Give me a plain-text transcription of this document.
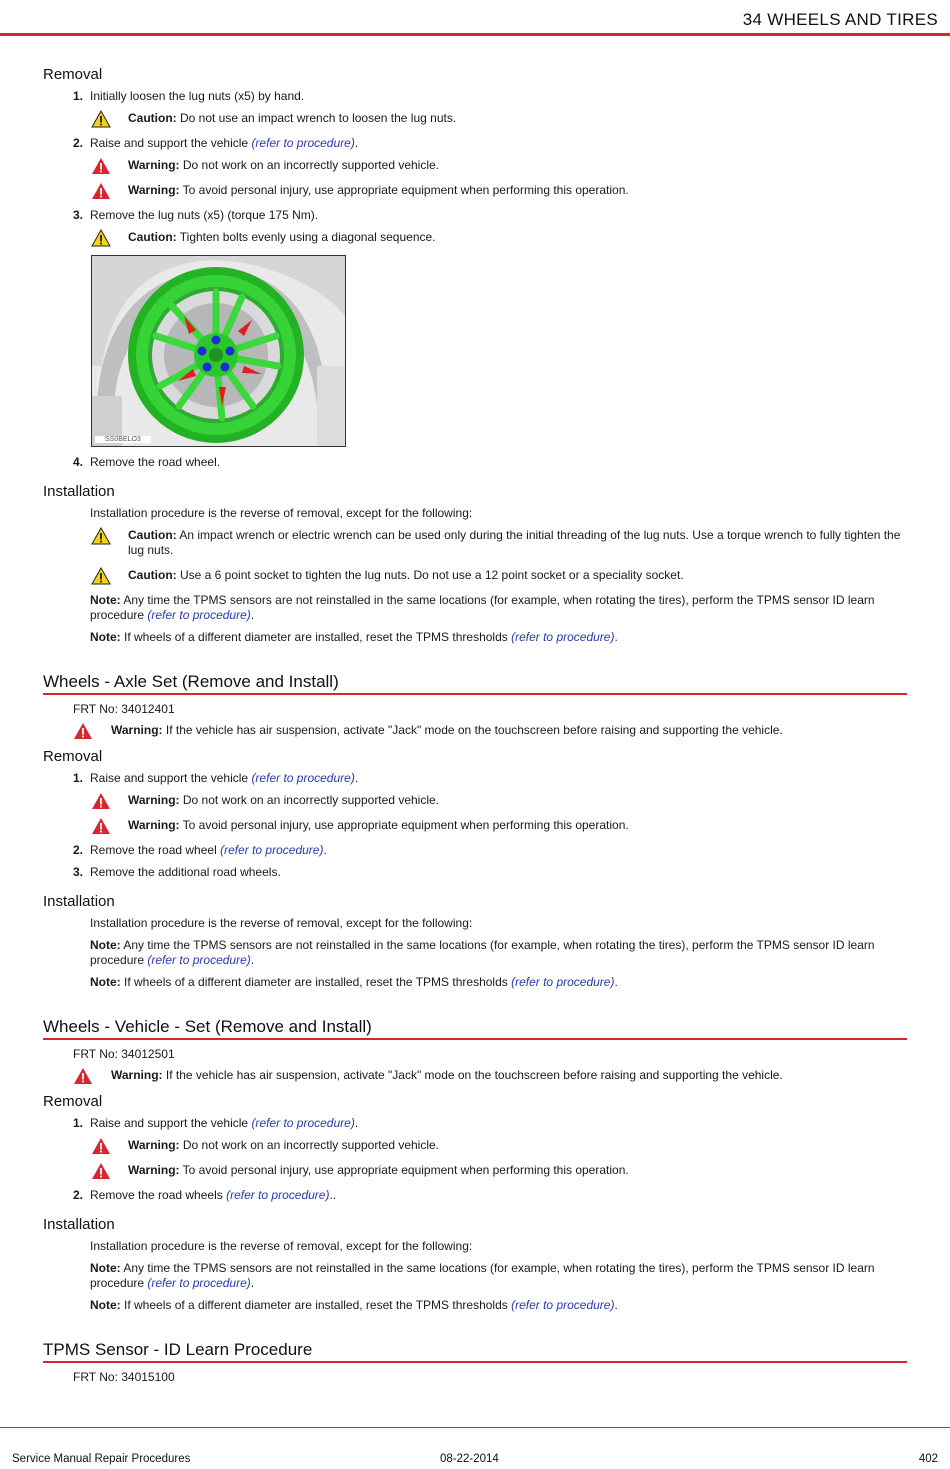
34 WHEELS AND TIRES
Removal
1. Initially loosen the lug nuts (x5) by hand.
Caution: Do not use an impact wrench to loosen the lug nuts.
2. Raise and support the vehicle (refer to procedure).
Warning: Do not work on an incorrectly supported vehicle.
Warning: To avoid personal injury, use appropriate equipment when performing this operation.
3. Remove the lug nuts (x5) (torque 175 Nm).
Caution: Tighten bolts evenly using a diagonal sequence.
SS0BELO3
4. Remove the road wheel.
Installation
Installation procedure is the reverse of removal, except for the following:
Caution: An impact wrench or electric wrench can be used only during the initial threading of the lug nuts. Use a torque wrench to fully tighten the lug nuts.
Caution: Use a 6 point socket to tighten the lug nuts. Do not use a 12 point socket or a speciality socket.
Note: Any time the TPMS sensors are not reinstalled in the same locations (for example, when rotating the tires), perform the TPMS sensor ID learn procedure (refer to procedure).
Note: If wheels of a different diameter are installed, reset the TPMS thresholds (refer to procedure).
Wheels - Axle Set (Remove and Install)
FRT No: 34012401
Warning: If the vehicle has air suspension, activate "Jack" mode on the touchscreen before raising and supporting the vehicle.
Removal
1. Raise and support the vehicle (refer to procedure).
Warning: Do not work on an incorrectly supported vehicle.
Warning: To avoid personal injury, use appropriate equipment when performing this operation.
2. Remove the road wheel (refer to procedure).
3. Remove the additional road wheels.
Installation
Installation procedure is the reverse of removal, except for the following:
Note: Any time the TPMS sensors are not reinstalled in the same locations (for example, when rotating the tires), perform the TPMS sensor ID learn procedure (refer to procedure).
Note: If wheels of a different diameter are installed, reset the TPMS thresholds (refer to procedure).
Wheels - Vehicle - Set (Remove and Install)
FRT No: 34012501
Warning: If the vehicle has air suspension, activate "Jack" mode on the touchscreen before raising and supporting the vehicle.
Removal
1. Raise and support the vehicle (refer to procedure).
Warning: Do not work on an incorrectly supported vehicle.
Warning: To avoid personal injury, use appropriate equipment when performing this operation.
2. Remove the road wheels (refer to procedure)..
Installation
Installation procedure is the reverse of removal, except for the following:
Note: Any time the TPMS sensors are not reinstalled in the same locations (for example, when rotating the tires), perform the TPMS sensor ID learn procedure (refer to procedure).
Note: If wheels of a different diameter are installed, reset the TPMS thresholds (refer to procedure).
TPMS Sensor - ID Learn Procedure
FRT No: 34015100
Service Manual Repair Procedures	08-22-2014	402
